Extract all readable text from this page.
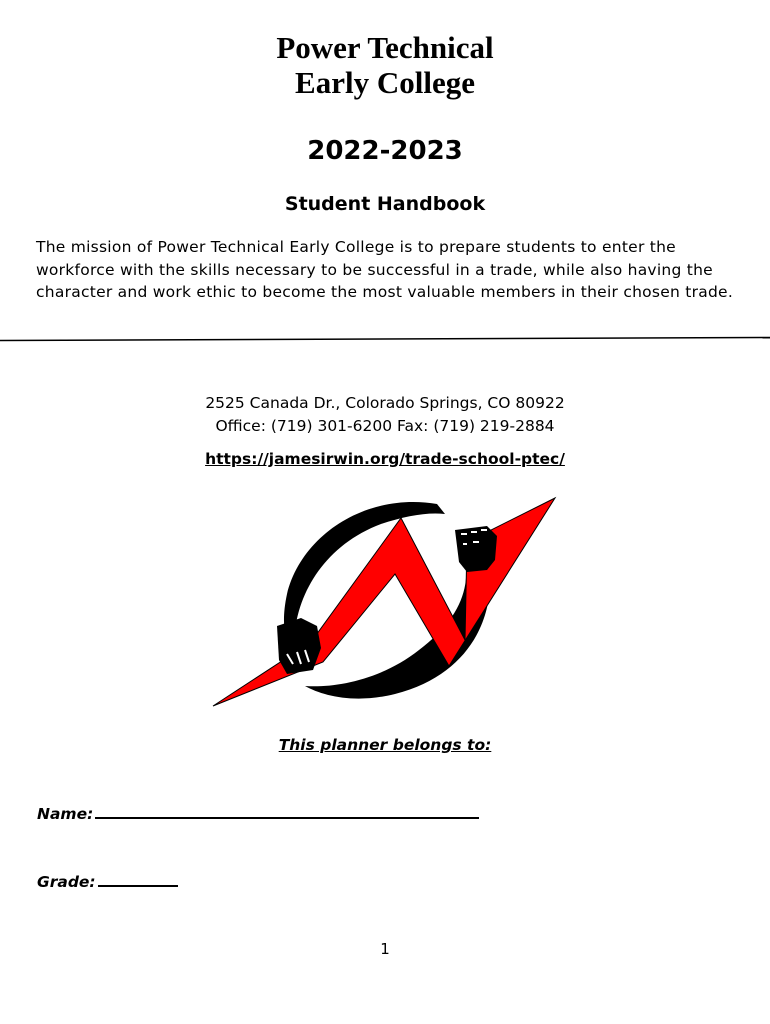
Power Technical
Early College

2022-2023

Student Handbook

The mission of Power Technical Early College is to prepare students to enter the workforce with the skills necessary to be successful in a trade, while also having the character and work ethic to become the most valuable members in their chosen trade.

2525 Canada Dr., Colorado Springs, CO 80922

Office: (719) 301-6200 Fax: (719) 219-2884

https://jamesirwin.org/trade-school-ptec/

This planner belongs to:

Name:
Grade:

1
